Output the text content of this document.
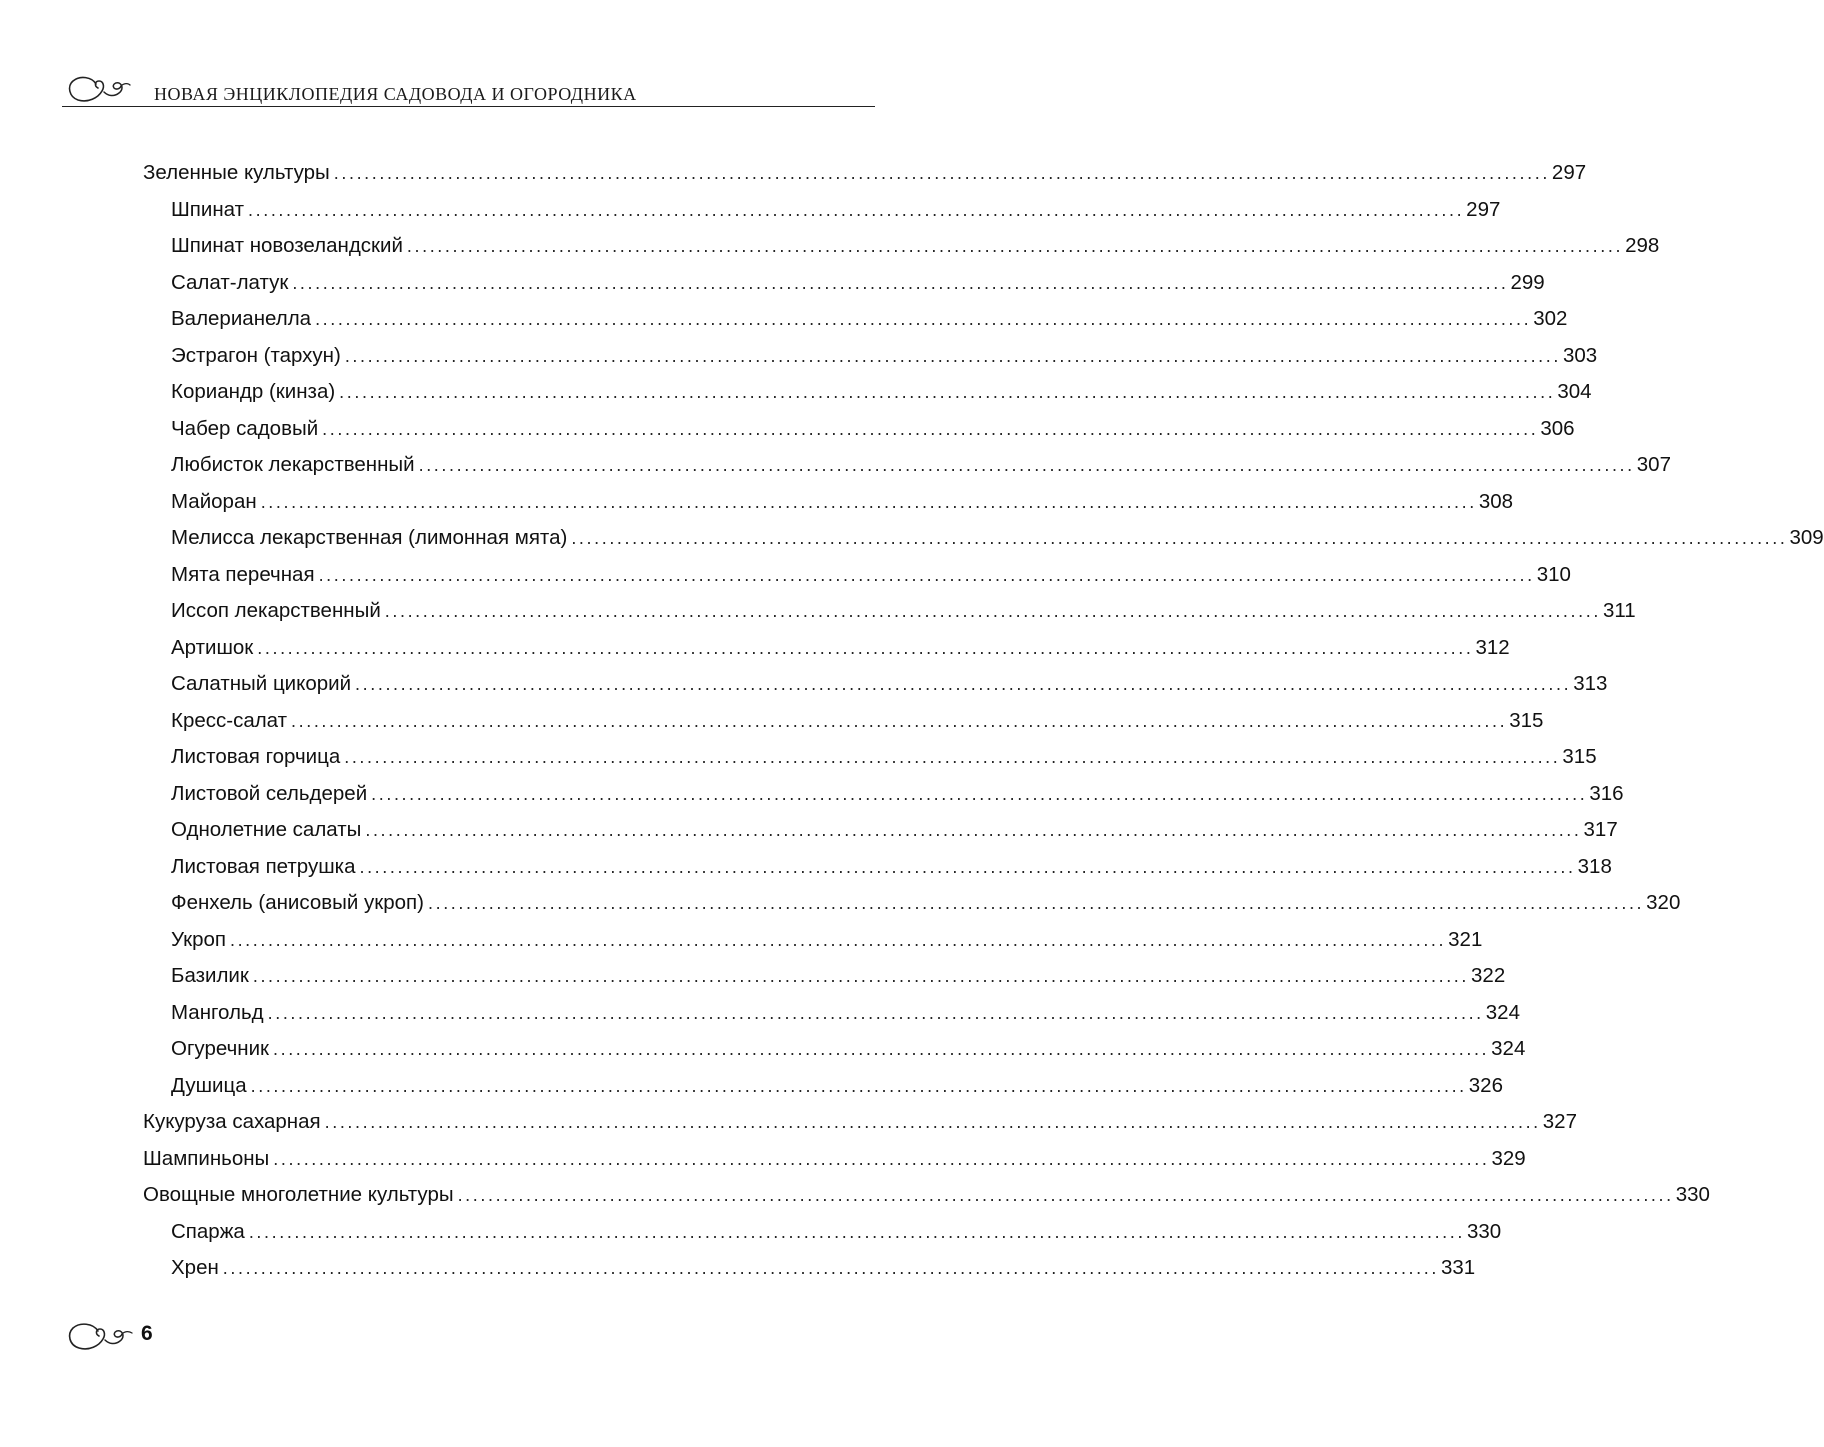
НОВАЯ ЭНЦИКЛОПЕДИЯ САДОВОДА И ОГОРОДНИКА
Зеленные культуры ................................................................................................................................................................ 297
Шпинат ................................................................................................................................................................ 297
Шпинат новозеландский ................................................................................................................................................................ 298
Салат-латук ................................................................................................................................................................ 299
Валерианелла ................................................................................................................................................................ 302
Эстрагон (тархун) ................................................................................................................................................................ 303
Кориандр (кинза) ................................................................................................................................................................ 304
Чабер садовый ................................................................................................................................................................ 306
Любисток лекарственный ................................................................................................................................................................ 307
Майоран ................................................................................................................................................................ 308
Мелисса лекарственная (лимонная мята) ................................................................................................................................................................ 309
Мята перечная ................................................................................................................................................................ 310
Иссоп лекарственный ................................................................................................................................................................ 311
Артишок ................................................................................................................................................................ 312
Салатный цикорий ................................................................................................................................................................ 313
Кресс-салат ................................................................................................................................................................ 315
Листовая горчица ................................................................................................................................................................ 315
Листовой сельдерей ................................................................................................................................................................ 316
Однолетние салаты ................................................................................................................................................................ 317
Листовая петрушка ................................................................................................................................................................ 318
Фенхель (анисовый укроп) ................................................................................................................................................................ 320
Укроп ................................................................................................................................................................ 321
Базилик ................................................................................................................................................................ 322
Мангольд ................................................................................................................................................................ 324
Огуречник ................................................................................................................................................................ 324
Душица ................................................................................................................................................................ 326
Кукуруза сахарная ................................................................................................................................................................ 327
Шампиньоны ................................................................................................................................................................ 329
Овощные многолетние культуры ................................................................................................................................................................ 330
Спаржа ................................................................................................................................................................ 330
Хрен ................................................................................................................................................................ 331
6
